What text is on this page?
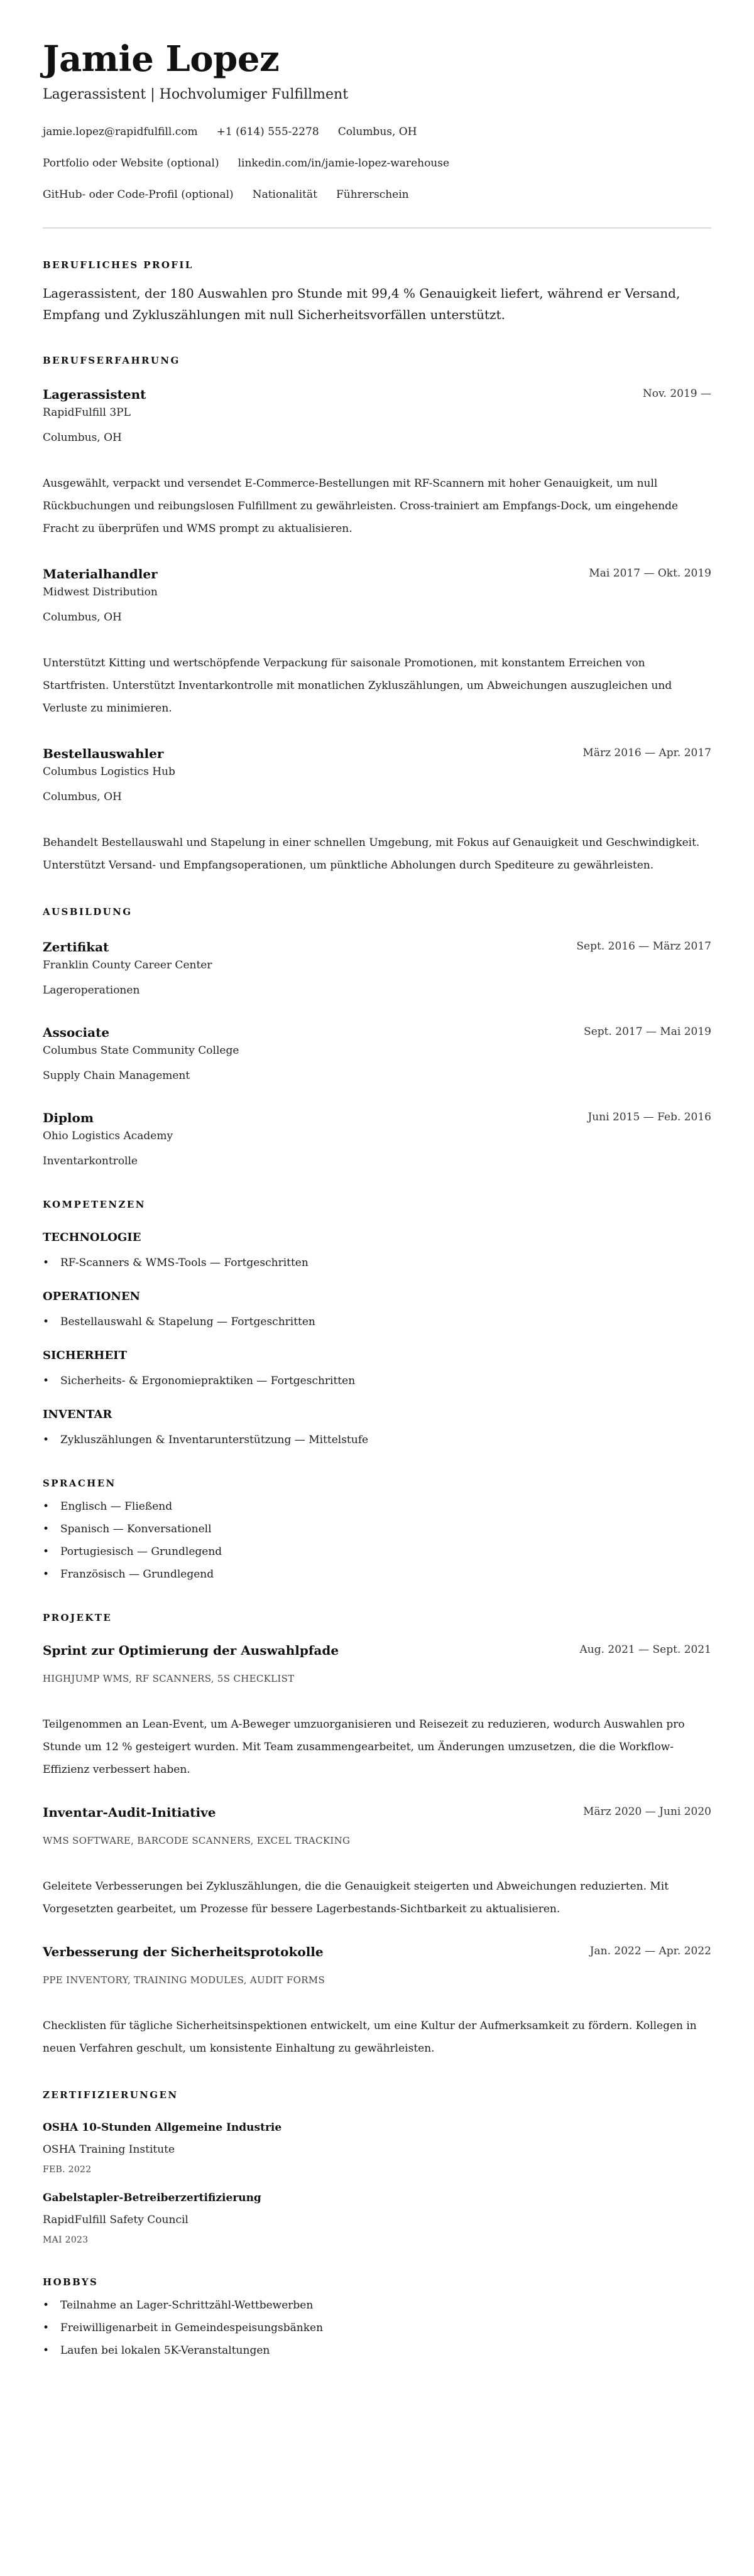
Jamie Lopez
Lagerassistent | Hochvolumiger Fulfillment
jamie.lopez@rapidfulfill.com +1 (614) 555-2278 Columbus, OH
Portfolio oder Website (optional) linkedin.com/in/jamie-lopez-warehouse
GitHub- oder Code-Profil (optional) Nationalität Führerschein
BERUFLICHES PROFIL

Lagerassistent, der 180 Auswahlen pro Stunde mit 99,4 % Genauigkeit liefert, während er Versand, Empfang und Zykluszählungen mit null Sicherheitsvorfällen unterstützt.

BERUFSERFAHRUNG
Lagerassistent	Nov. 2019 —
RapidFulfill 3PL
Columbus, OH

Ausgewählt, verpackt und versendet E-Commerce-Bestellungen mit RF-Scannern mit hoher Genauigkeit, um null Rückbuchungen und reibungslosen Fulfillment zu gewährleisten. Cross-trainiert am Empfangs-Dock, um eingehende Fracht zu überprüfen und WMS prompt zu aktualisieren.

Materialhandler	Mai 2017 — Okt. 2019
Midwest Distribution
Columbus, OH

Unterstützt Kitting und wertschöpfende Verpackung für saisonale Promotionen, mit konstantem Erreichen von Startfristen. Unterstützt Inventarkontrolle mit monatlichen Zykluszählungen, um Abweichungen auszugleichen und Verluste zu minimieren.

Bestellauswahler	März 2016 — Apr. 2017
Columbus Logistics Hub
Columbus, OH

Behandelt Bestellauswahl und Stapelung in einer schnellen Umgebung, mit Fokus auf Genauigkeit und Geschwindigkeit. Unterstützt Versand- und Empfangsoperationen, um pünktliche Abholungen durch Spediteure zu gewährleisten.

AUSBILDUNG
Zertifikat	Sept. 2016 — März 2017
Franklin County Career Center
Lageroperationen
Associate	Sept. 2017 — Mai 2019
Columbus State Community College
Supply Chain Management
Diplom	Juni 2015 — Feb. 2016
Ohio Logistics Academy
Inventarkontrolle
KOMPETENZEN
TECHNOLOGIE
• RF-Scanners & WMS-Tools — Fortgeschritten
OPERATIONEN
• Bestellauswahl & Stapelung — Fortgeschritten
SICHERHEIT
• Sicherheits- & Ergonomiepraktiken — Fortgeschritten
INVENTAR
• Zykluszählungen & Inventarunterstützung — Mittelstufe
SPRACHEN
• Englisch — Fließend
• Spanisch — Konversationell
• Portugiesisch — Grundlegend
• Französisch — Grundlegend
PROJEKTE
Sprint zur Optimierung der Auswahlpfade	Aug. 2021 — Sept. 2021
HIGHJUMP WMS, RF SCANNERS, 5S CHECKLIST

Teilgenommen an Lean-Event, um A-Beweger umzuorganisieren und Reisezeit zu reduzieren, wodurch Auswahlen pro Stunde um 12 % gesteigert wurden. Mit Team zusammengearbeitet, um Änderungen umzusetzen, die die Workflow-Effizienz verbessert haben.

Inventar-Audit-Initiative	März 2020 — Juni 2020
WMS SOFTWARE, BARCODE SCANNERS, EXCEL TRACKING

Geleitete Verbesserungen bei Zykluszählungen, die die Genauigkeit steigerten und Abweichungen reduzierten. Mit Vorgesetzten gearbeitet, um Prozesse für bessere Lagerbestands-Sichtbarkeit zu aktualisieren.

Verbesserung der Sicherheitsprotokolle	Jan. 2022 — Apr. 2022
PPE INVENTORY, TRAINING MODULES, AUDIT FORMS

Checklisten für tägliche Sicherheitsinspektionen entwickelt, um eine Kultur der Aufmerksamkeit zu fördern. Kollegen in neuen Verfahren geschult, um konsistente Einhaltung zu gewährleisten.

ZERTIFIZIERUNGEN
OSHA 10-Stunden Allgemeine Industrie
OSHA Training Institute
FEB. 2022
Gabelstapler-Betreiberzertifizierung
RapidFulfill Safety Council
MAI 2023
HOBBYS
• Teilnahme an Lager-Schrittzähl-Wettbewerben
• Freiwilligenarbeit in Gemeindespeisungsbänken
• Laufen bei lokalen 5K-Veranstaltungen
